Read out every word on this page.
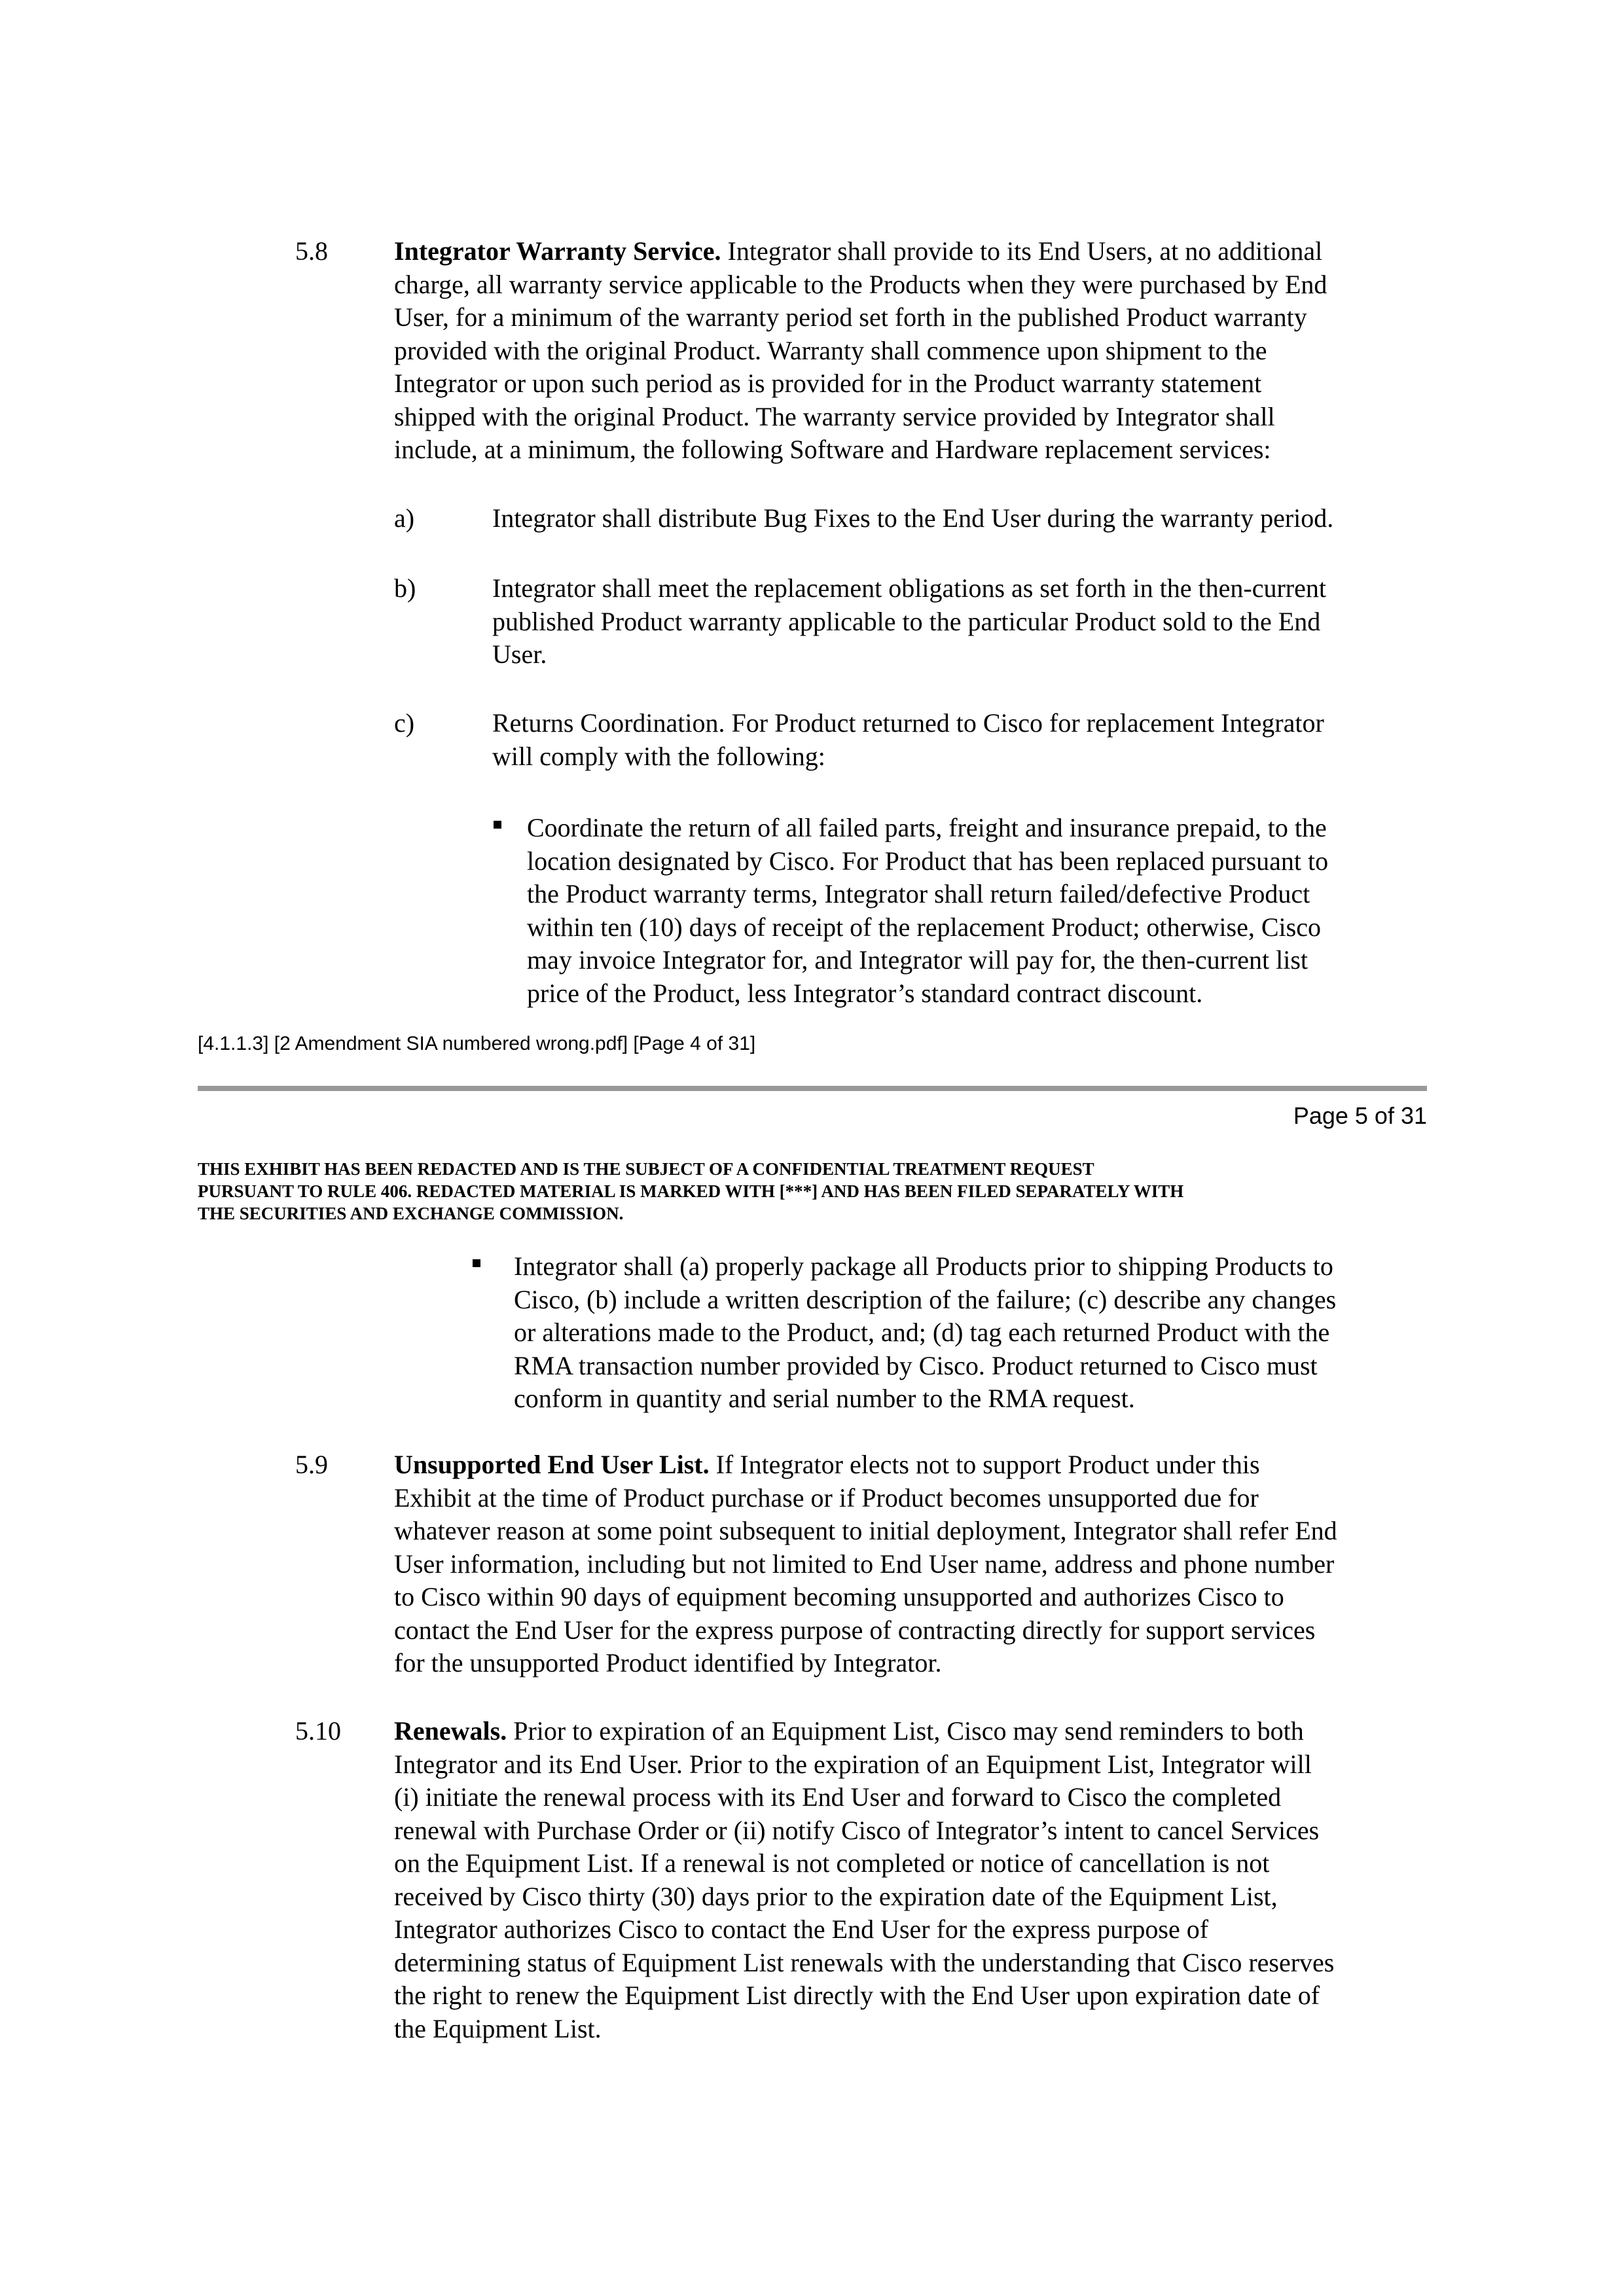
5.8	Integrator Warranty Service. Integrator shall provide to its End Users, at no additional
charge, all warranty service applicable to the Products when they were purchased by End
User, for a minimum of the warranty period set forth in the published Product warranty
provided with the original Product. Warranty shall commence upon shipment to the
Integrator or upon such period as is provided for in the Product warranty statement
shipped with the original Product. The warranty service provided by Integrator shall
include, at a minimum, the following Software and Hardware replacement services:
a)	Integrator shall distribute Bug Fixes to the End User during the warranty period.
b)	Integrator shall meet the replacement obligations as set forth in the then-current
published Product warranty applicable to the particular Product sold to the End
User.
c)	Returns Coordination. For Product returned to Cisco for replacement Integrator
will comply with the following:
Coordinate the return of all failed parts, freight and insurance prepaid, to the
location designated by Cisco. For Product that has been replaced pursuant to
the Product warranty terms, Integrator shall return failed/defective Product
within ten (10) days of receipt of the replacement Product; otherwise, Cisco
may invoice Integrator for, and Integrator will pay for, the then-current list
price of the Product, less Integrator’s standard contract discount.
[4.1.1.3] [2 Amendment SIA numbered wrong.pdf] [Page 4 of 31]
Page 5 of 31
THIS EXHIBIT HAS BEEN REDACTED AND IS THE SUBJECT OF A CONFIDENTIAL TREATMENT REQUEST
PURSUANT TO RULE 406. REDACTED MATERIAL IS MARKED WITH [***] AND HAS BEEN FILED SEPARATELY WITH
THE SECURITIES AND EXCHANGE COMMISSION.
Integrator shall (a) properly package all Products prior to shipping Products to
Cisco, (b) include a written description of the failure; (c) describe any changes
or alterations made to the Product, and; (d) tag each returned Product with the
RMA transaction number provided by Cisco. Product returned to Cisco must
conform in quantity and serial number to the RMA request.
5.9	Unsupported End User List. If Integrator elects not to support Product under this
Exhibit at the time of Product purchase or if Product becomes unsupported due for
whatever reason at some point subsequent to initial deployment, Integrator shall refer End
User information, including but not limited to End User name, address and phone number
to Cisco within 90 days of equipment becoming unsupported and authorizes Cisco to
contact the End User for the express purpose of contracting directly for support services
for the unsupported Product identified by Integrator.
5.10 Renewals. Prior to expiration of an Equipment List, Cisco may send reminders to both
Integrator and its End User. Prior to the expiration of an Equipment List, Integrator will
(i) initiate the renewal process with its End User and forward to Cisco the completed
renewal with Purchase Order or (ii) notify Cisco of Integrator’s intent to cancel Services
on the Equipment List. If a renewal is not completed or notice of cancellation is not
received by Cisco thirty (30) days prior to the expiration date of the Equipment List,
Integrator authorizes Cisco to contact the End User for the express purpose of
determining status of Equipment List renewals with the understanding that Cisco reserves
the right to renew the Equipment List directly with the End User upon expiration date of
the Equipment List.
